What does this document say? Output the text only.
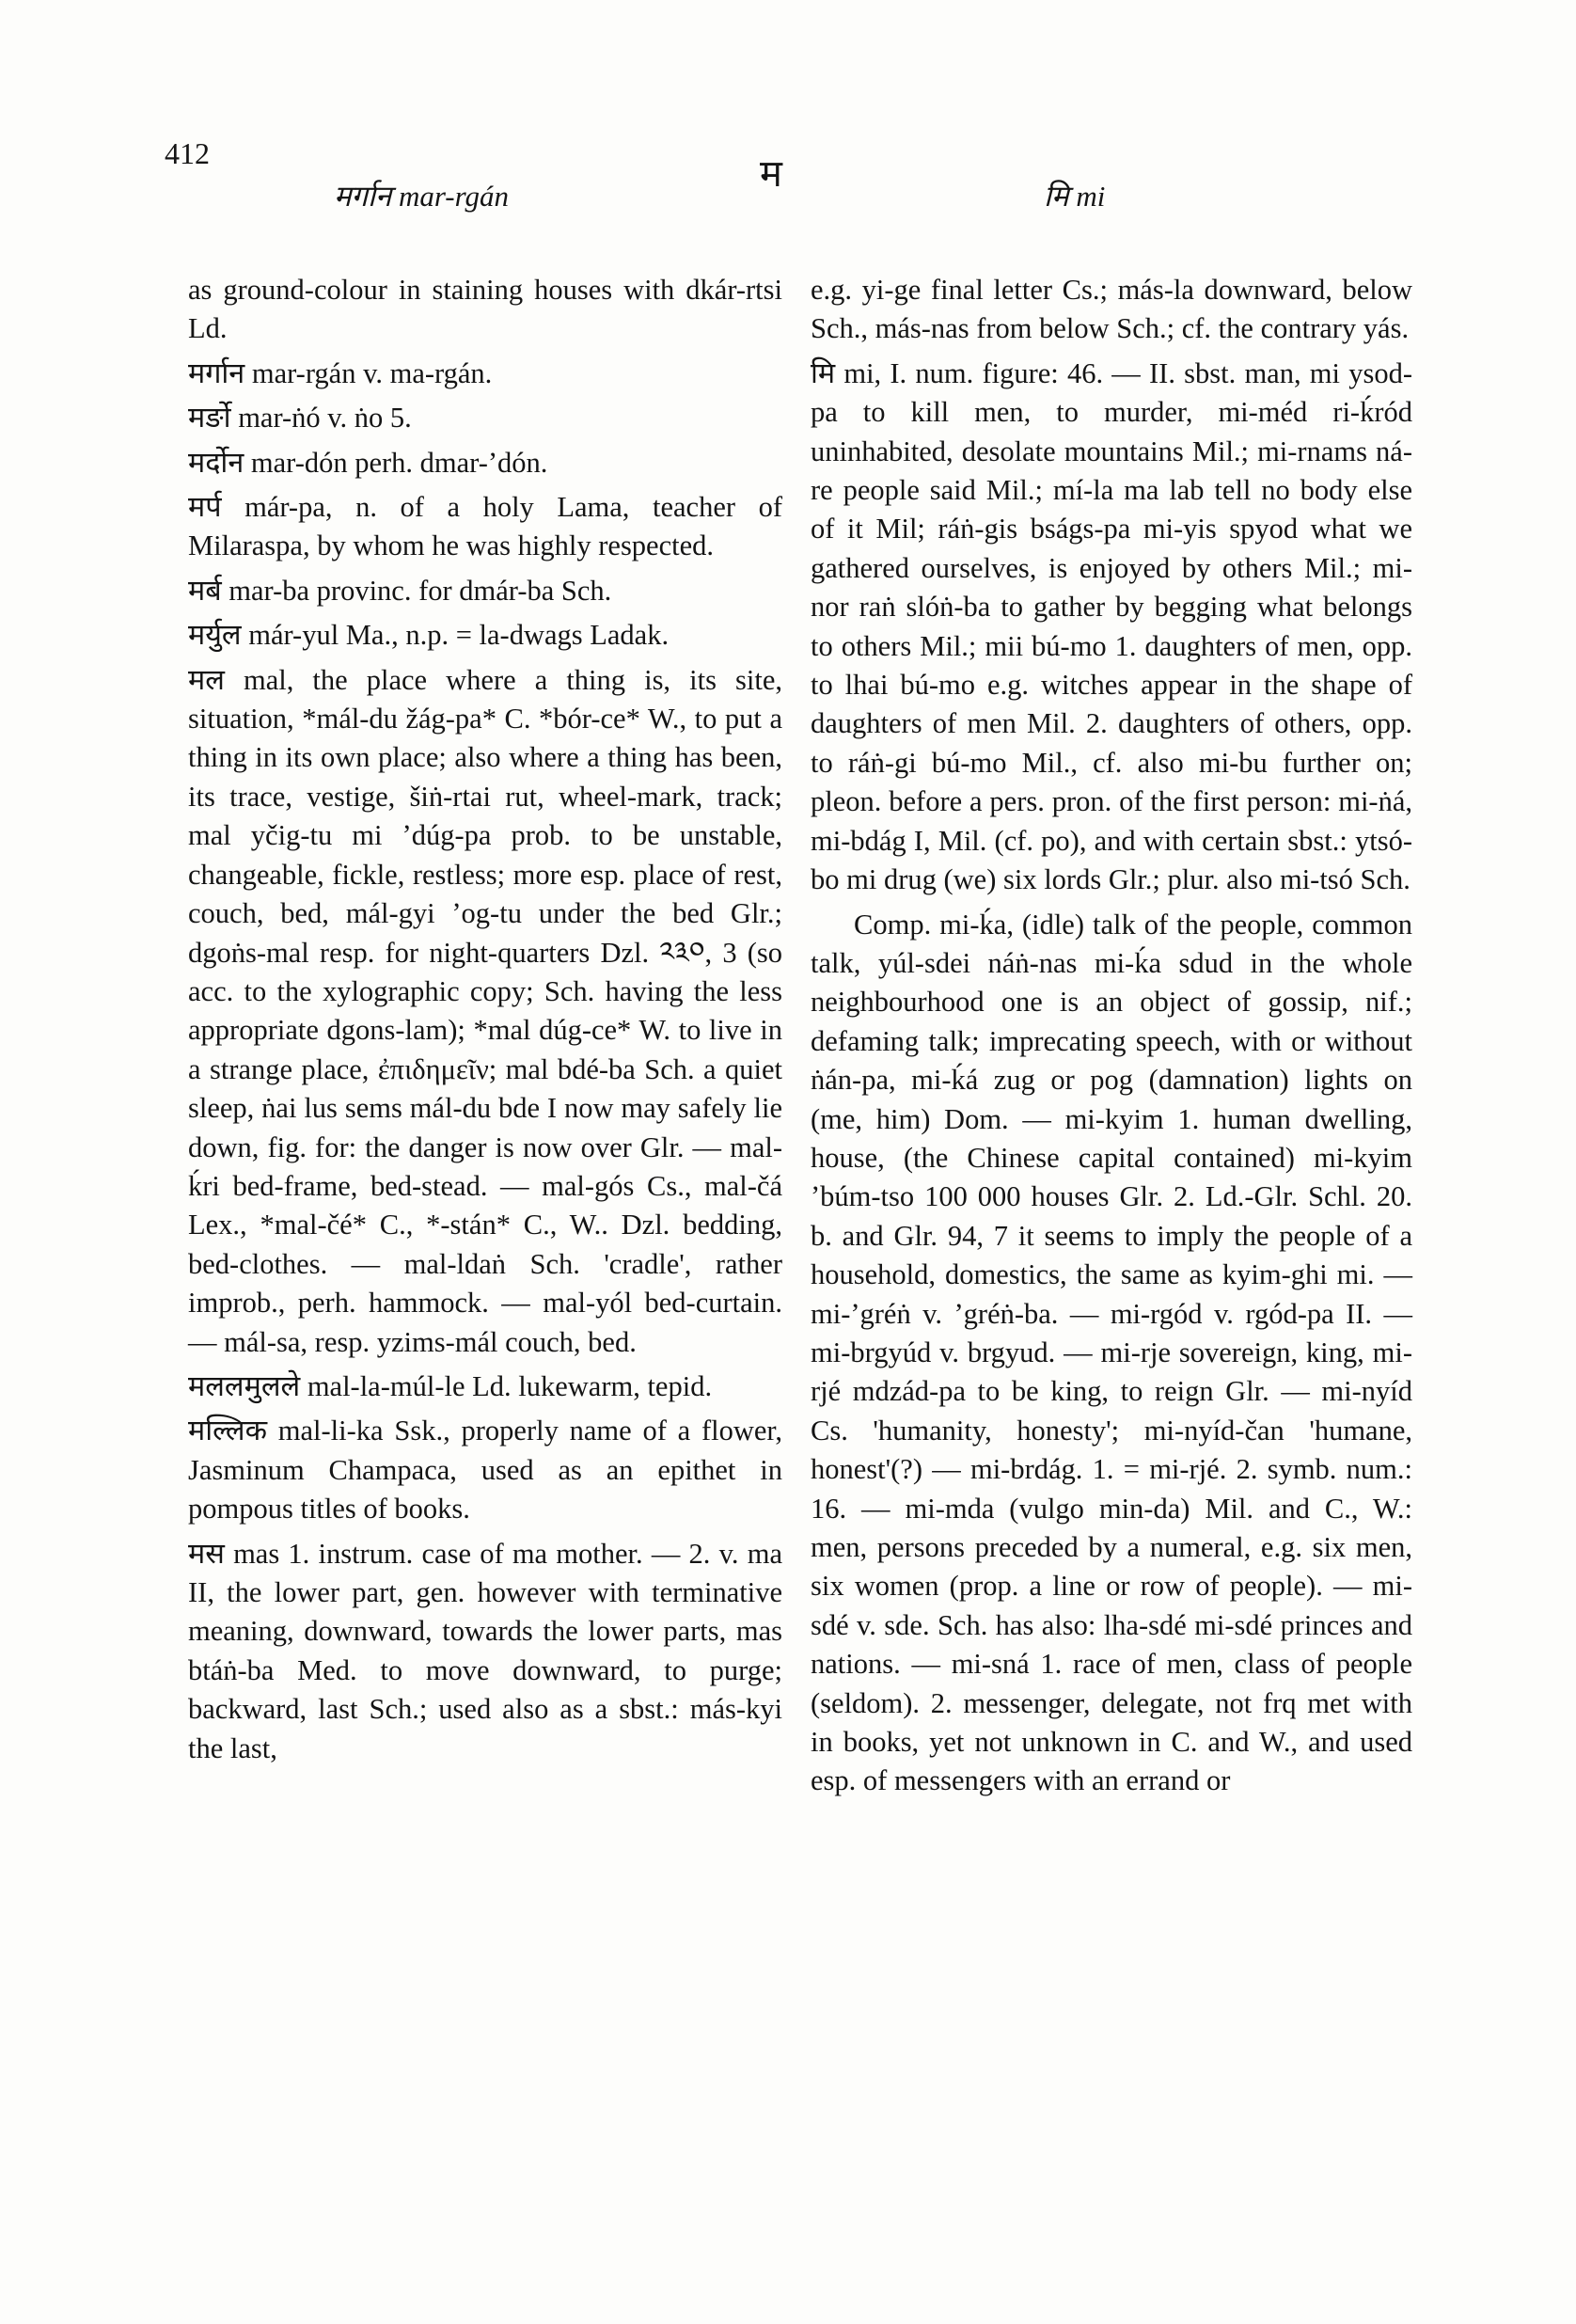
412
मर्गान mar-rgán
म
मि mi

as ground-colour in staining houses with dkár-rtsi Ld.

मर्गान mar-rgán v. ma-rgán.

मर्ङो mar-ṅó v. ṅo 5.

मर्दोन mar-dón perh. dmar-ʼdón.

मर्प már-pa, n. of a holy Lama, teacher of Milaraspa, by whom he was highly respected.

मर्ब mar-ba provinc. for dmár-ba Sch.

मर्युल már-yul Ma., n.p. = la-dwags Ladak.

मल mal, the place where a thing is, its site, situation, *mál-du žág-pa* C. *bór-ce* W., to put a thing in its own place; also where a thing has been, its trace, vestige, šiṅ-rtai rut, wheel-mark, track; mal yčig-tu mi ʼdúg-pa prob. to be unstable, changeable, fickle, restless; more esp. place of rest, couch, bed, mál-gyi ʼog-tu under the bed Glr.; dgoṅs-mal resp. for night-quarters Dzl. ༢༣༠, 3 (so acc. to the xylographic copy; Sch. having the less appropriate dgons-lam); *mal dúg-ce* W. to live in a strange place, ἐπιδημεῖν; mal bdé-ba Sch. a quiet sleep, ṅai lus sems mál-du bde I now may safely lie down, fig. for: the danger is now over Glr. — mal-ḱri bed-frame, bed-stead. — mal-gós Cs., mal-čá Lex., *mal-čé* C., *-stán* C., W.. Dzl. bedding, bed-clothes. — mal-ldaṅ Sch. 'cradle', rather improb., perh. hammock. — mal-yól bed-curtain. — mál-sa, resp. yzims-mál couch, bed.

मललमुलले mal-la-múl-le Ld. lukewarm, tepid.

मल्लिक mal-li-ka Ssk., properly name of a flower, Jasminum Champaca, used as an epithet in pompous titles of books.

मस mas 1. instrum. case of ma mother. — 2. v. ma II, the lower part, gen. however with terminative meaning, downward, towards the lower parts, mas btáṅ-ba Med. to move downward, to purge; backward, last Sch.; used also as a sbst.: más-kyi the last,

e.g. yi-ge final letter Cs.; más-la downward, below Sch., más-nas from below Sch.; cf. the contrary yás.

मि mi, I. num. figure: 46. — II. sbst. man, mi ysod-pa to kill men, to murder, mi-méd ri-ḱród uninhabited, desolate mountains Mil.; mi-rnams ná-re people said Mil.; mí-la ma lab tell no body else of it Mil; ráṅ-gis bságs-pa mi-yis spyod what we gathered ourselves, is enjoyed by others Mil.; mi-nor raṅ slóṅ-ba to gather by begging what belongs to others Mil.; mii bú-mo 1. daughters of men, opp. to lhai bú-mo e.g. witches appear in the shape of daughters of men Mil. 2. daughters of others, opp. to ráṅ-gi bú-mo Mil., cf. also mi-bu further on; pleon. before a pers. pron. of the first person: mi-ṅá, mi-bdág I, Mil. (cf. po), and with certain sbst.: ytsó-bo mi drug (we) six lords Glr.; plur. also mi-tsó Sch.

Comp. mi-ḱa, (idle) talk of the people, common talk, yúl-sdei náṅ-nas mi-ḱa sdud in the whole neighbourhood one is an object of gossip, nif.; defaming talk; imprecating speech, with or without ṅán-pa, mi-ḱá zug or pog (damnation) lights on (me, him) Dom. — mi-kyim 1. human dwelling, house, (the Chinese capital contained) mi-kyim ʼbúm-tso 100 000 houses Glr. 2. Ld.-Glr. Schl. 20. b. and Glr. 94, 7 it seems to imply the people of a household, domestics, the same as kyim-ghi mi. — mi-ʼgréṅ v. ʼgréṅ-ba. — mi-rgód v. rgód-pa II. — mi-brgyúd v. brgyud. — mi-rje sovereign, king, mi-rjé mdzád-pa to be king, to reign Glr. — mi-nyíd Cs. 'humanity, honesty'; mi-nyíd-čan 'humane, honest'(?) — mi-brdág. 1. = mi-rjé. 2. symb. num.: 16. — mi-mda (vulgo min-da) Mil. and C., W.: men, persons preceded by a numeral, e.g. six men, six women (prop. a line or row of people). — mi-sdé v. sde. Sch. has also: lha-sdé mi-sdé princes and nations. — mi-sná 1. race of men, class of people (seldom). 2. messenger, delegate, not frq met with in books, yet not unknown in C. and W., and used esp. of messengers with an errand or
